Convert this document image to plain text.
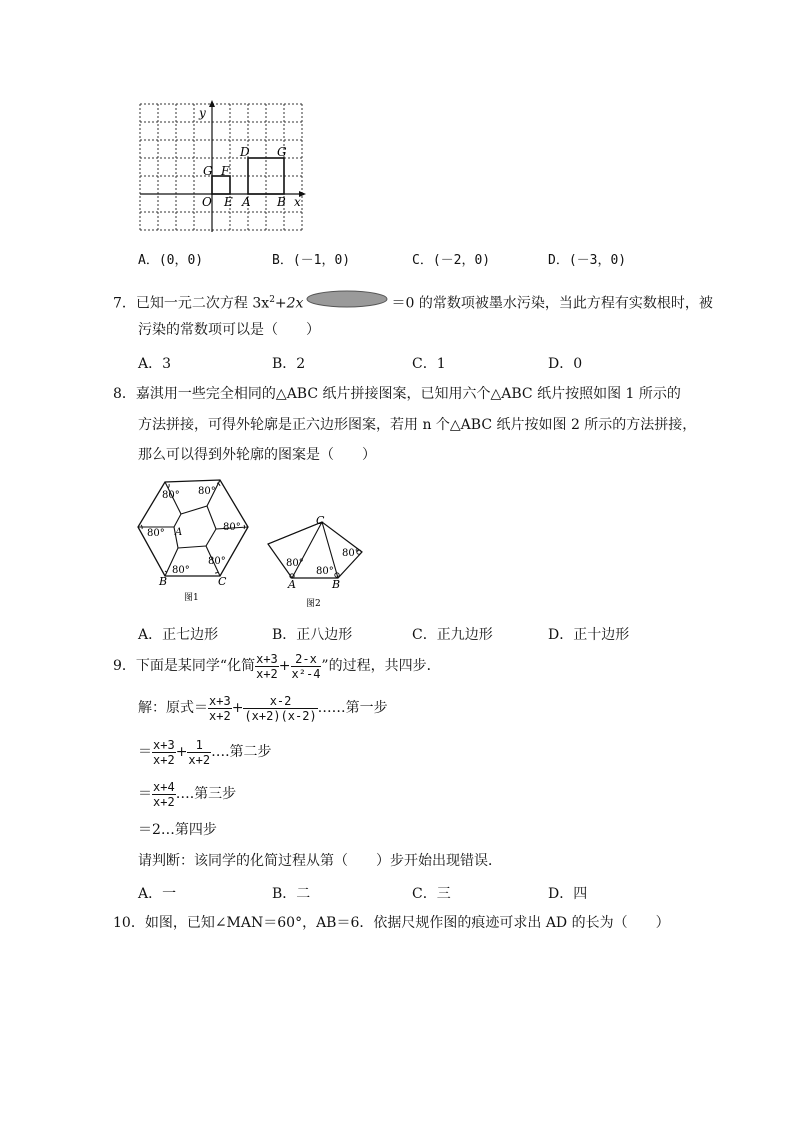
y
x
O E A B
G F
D G
A．(0，0)	B．(－1，0)	C．(－2，0)	D．(－3，0)
7．已知一元二次方程 $3x^2+2x$	＝0 的常数项被墨水污染，当此方程有实数根时，被
污染的常数项可以是（　　）
A．3	B．2	C．1	D．0
8．嘉淇用一些完全相同的△ABC 纸片拼接图案，已知用六个△ABC 纸片按照如图 1 所示的
方法拼接，可得外轮廓是正六边形图案，若用 n 个△ABC 纸片按如图 2 所示的方法拼接，
那么可以得到外轮廓的图案是（　　）
80° 80°
80°
80°
80°
80° A
B	C
图1
80°
80°
80°
C
A	B
图2
A．正七边形	B．正八边形	C．正九边形	D．正十边形
9．下面是某同学“化简 $\frac{x+3}{x+2} + \frac{2-x}{\text{x²-4}}$ ”的过程，共四步．
解：原式＝ $\frac{x+3}{x+2} + \frac{x-2}{(x+2)(x-2)}$ ……第一步
＝ $\frac{x+3}{x+2} + \frac{1}{x+2}$ ….第二步
＝ $\frac{x+4}{x+2}$ ….第三步
＝2…第四步
请判断：该同学的化简过程从第（　　）步开始出现错误．
A．一	B．二	C．三	D．四
10．如图，已知∠MAN＝60°，AB＝6．依据尺规作图的痕迹可求出 AD 的长为（　　）
